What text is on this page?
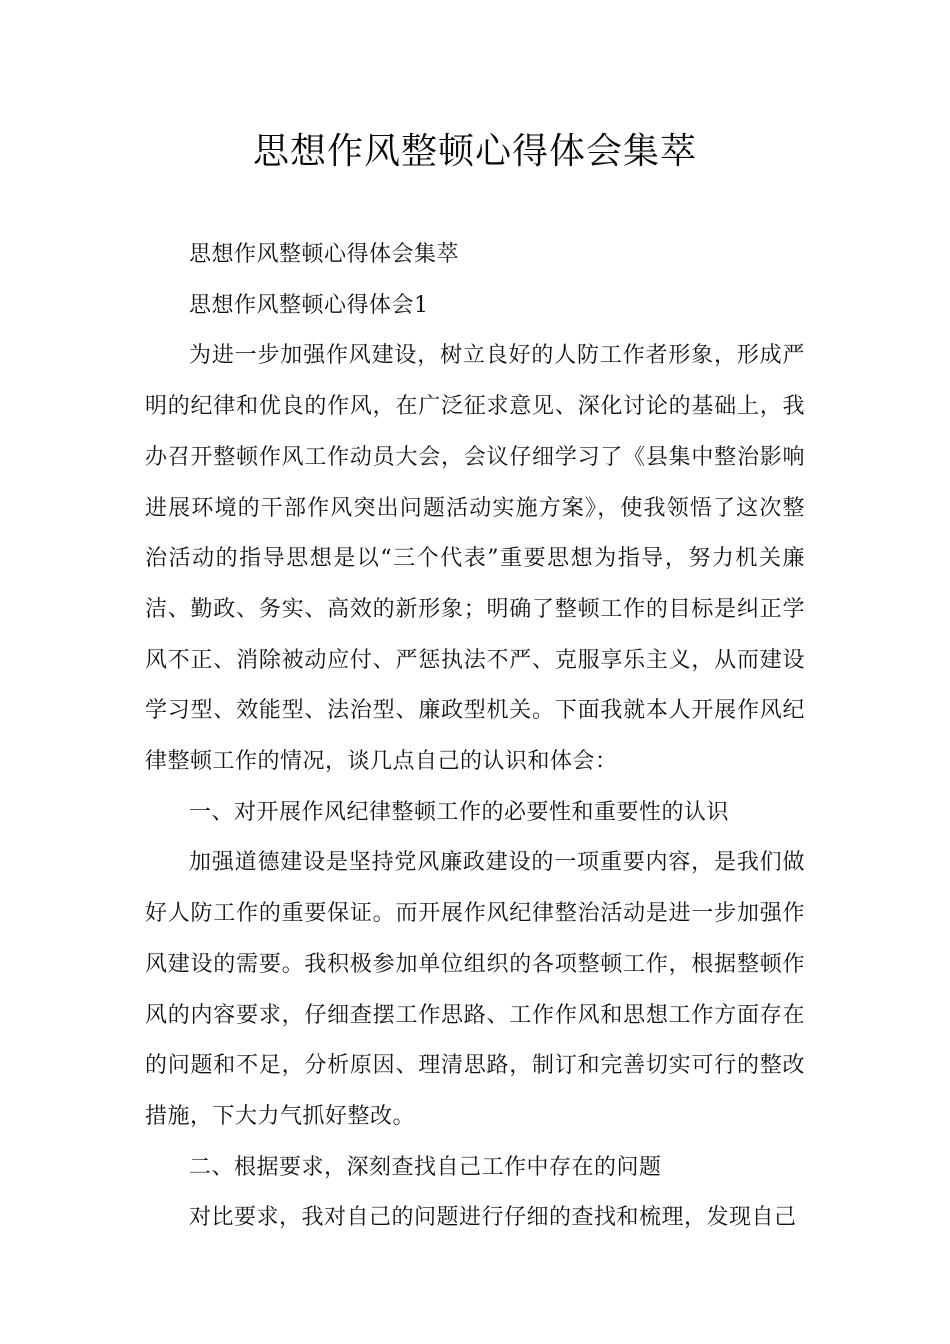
思想作风整顿心得体会集萃

思想作风整顿心得体会集萃

思想作风整顿心得体会1

为进一步加强作风建设，树立良好的人防工作者形象，形成严明的纪律和优良的作风，在广泛征求意见、深化讨论的基础上，我办召开整顿作风工作动员大会，会议仔细学习了《县集中整治影响进展环境的干部作风突出问题活动实施方案》，使我领悟了这次整治活动的指导思想是以“三个代表”重要思想为指导，努力机关廉洁、勤政、务实、高效的新形象；明确了整顿工作的目标是纠正学风不正、消除被动应付、严惩执法不严、克服享乐主义，从而建设学习型、效能型、法治型、廉政型机关。下面我就本人开展作风纪律整顿工作的情况，谈几点自己的认识和体会：

一、对开展作风纪律整顿工作的必要性和重要性的认识

加强道德建设是坚持党风廉政建设的一项重要内容，是我们做好人防工作的重要保证。而开展作风纪律整治活动是进一步加强作风建设的需要。我积极参加单位组织的各项整顿工作，根据整顿作风的内容要求，仔细查摆工作思路、工作作风和思想工作方面存在的问题和不足，分析原因、理清思路，制订和完善切实可行的整改措施，下大力气抓好整改。

二、根据要求，深刻查找自己工作中存在的问题

对比要求，我对自己的问题进行仔细的查找和梳理，发现自己
